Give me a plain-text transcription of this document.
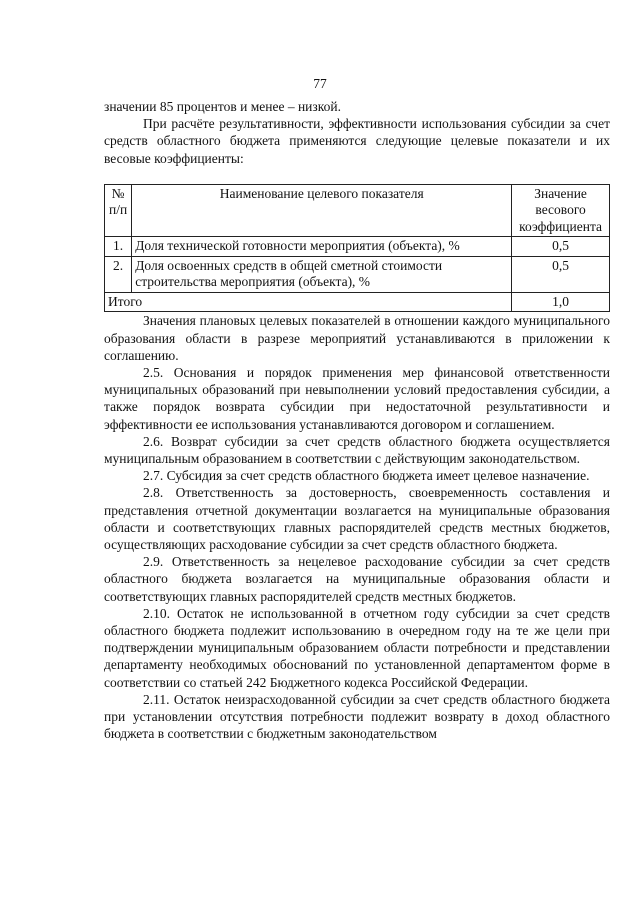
77

значении 85 процентов и менее – низкой.

При расчёте результативности, эффективности использования субсидии за счет средств областного бюджета применяются следующие целевые показатели и их весовые коэффициенты:

№ п/п	Наименование целевого показателя	Значение весового коэффициента
1.	Доля технической готовности мероприятия (объекта), %	0,5
2.	Доля освоенных средств в общей сметной стоимости строительства мероприятия (объекта), %	0,5
Итого		1,0

Значения плановых целевых показателей в отношении каждого муниципального образования области в разрезе мероприятий устанавливаются в приложении к соглашению.

2.5. Основания и порядок применения мер финансовой ответственности муниципальных образований при невыполнении условий предоставления субсидии, а также порядок возврата субсидии при недостаточной результативности и эффективности ее использования устанавливаются договором и соглашением.

2.6. Возврат субсидии за счет средств областного бюджета осуществляется муниципальным образованием в соответствии с действующим законодательством.

2.7. Субсидия за счет средств областного бюджета имеет целевое назначение.

2.8. Ответственность за достоверность, своевременность составления и представления отчетной документации возлагается на муниципальные образования области и соответствующих главных распорядителей средств местных бюджетов, осуществляющих расходование субсидии за счет средств областного бюджета.

2.9. Ответственность за нецелевое расходование субсидии за счет средств областного бюджета возлагается на муниципальные образования области и соответствующих главных распорядителей средств местных бюджетов.

2.10. Остаток не использованной в отчетном году субсидии за счет средств областного бюджета подлежит использованию в очередном году на те же цели при подтверждении муниципальным образованием области потребности и представлении департаменту необходимых обоснований по установленной департаментом форме в соответствии со статьей 242 Бюджетного кодекса Российской Федерации.

2.11. Остаток неизрасходованной субсидии за счет средств областного бюджета при установлении отсутствия потребности подлежит возврату в доход областного бюджета в соответствии с бюджетным законодательством
